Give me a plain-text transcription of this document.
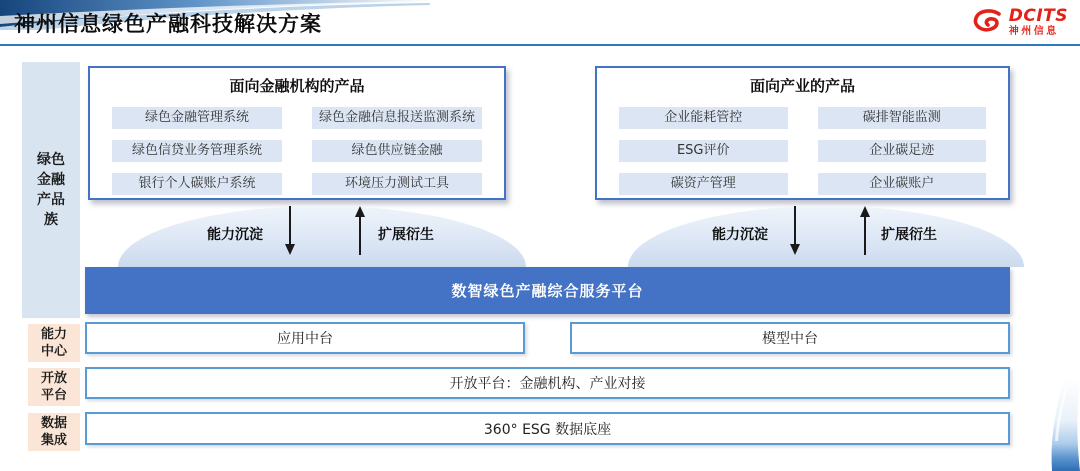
神州信息绿色产融科技解决方案	DCITS
神州信息
绿色金融产品族
面向金融机构的产品
绿色金融管理系统	绿色金融信息报送监测系统
绿色信贷业务管理系统	绿色供应链金融
银行个人碳账户系统	环境压力测试工具
面向产业的产品
企业能耗管控	碳排智能监测
ESG评价	企业碳足迹
碳资产管理	企业碳账户
能力沉淀	扩展衍生	能力沉淀	扩展衍生
数智绿色产融综合服务平台
能力中心
应用中台	模型中台
开放平台
开放平台：金融机构、产业对接
数据集成
360° ESG 数据底座
